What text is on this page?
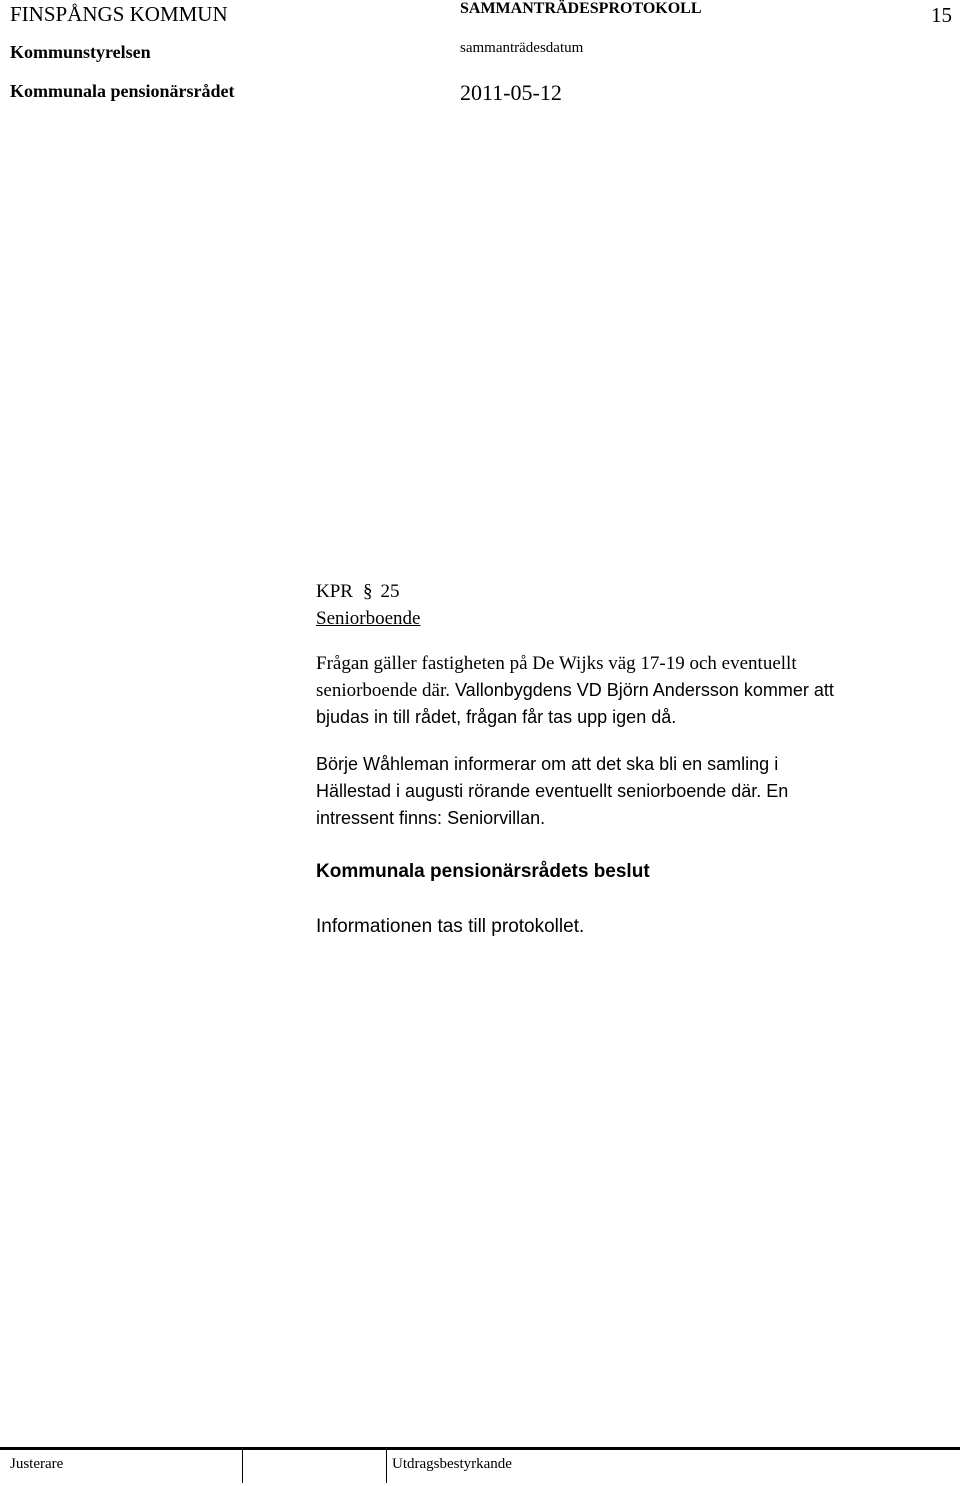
FINSPÅNGS KOMMUN	SAMMANTRÄDESPROTOKOLL	15
Kommunstyrelsen	sammanträdesdatum
Kommunala pensionärsrådet	2011-05-12
KPR § 25
Seniorboende
Frågan gäller fastigheten på De Wijks väg 17-19 och eventuellt
seniorboende där. Vallonbygdens VD Björn Andersson kommer att
bjudas in till rådet, frågan får tas upp igen då.
Börje Wåhleman informerar om att det ska bli en samling i
Hällestad i augusti rörande eventuellt seniorboende där. En
intressent finns: Seniorvillan.
Kommunala pensionärsrådets beslut
Informationen tas till protokollet.
Justerare	Utdragsbestyrkande
